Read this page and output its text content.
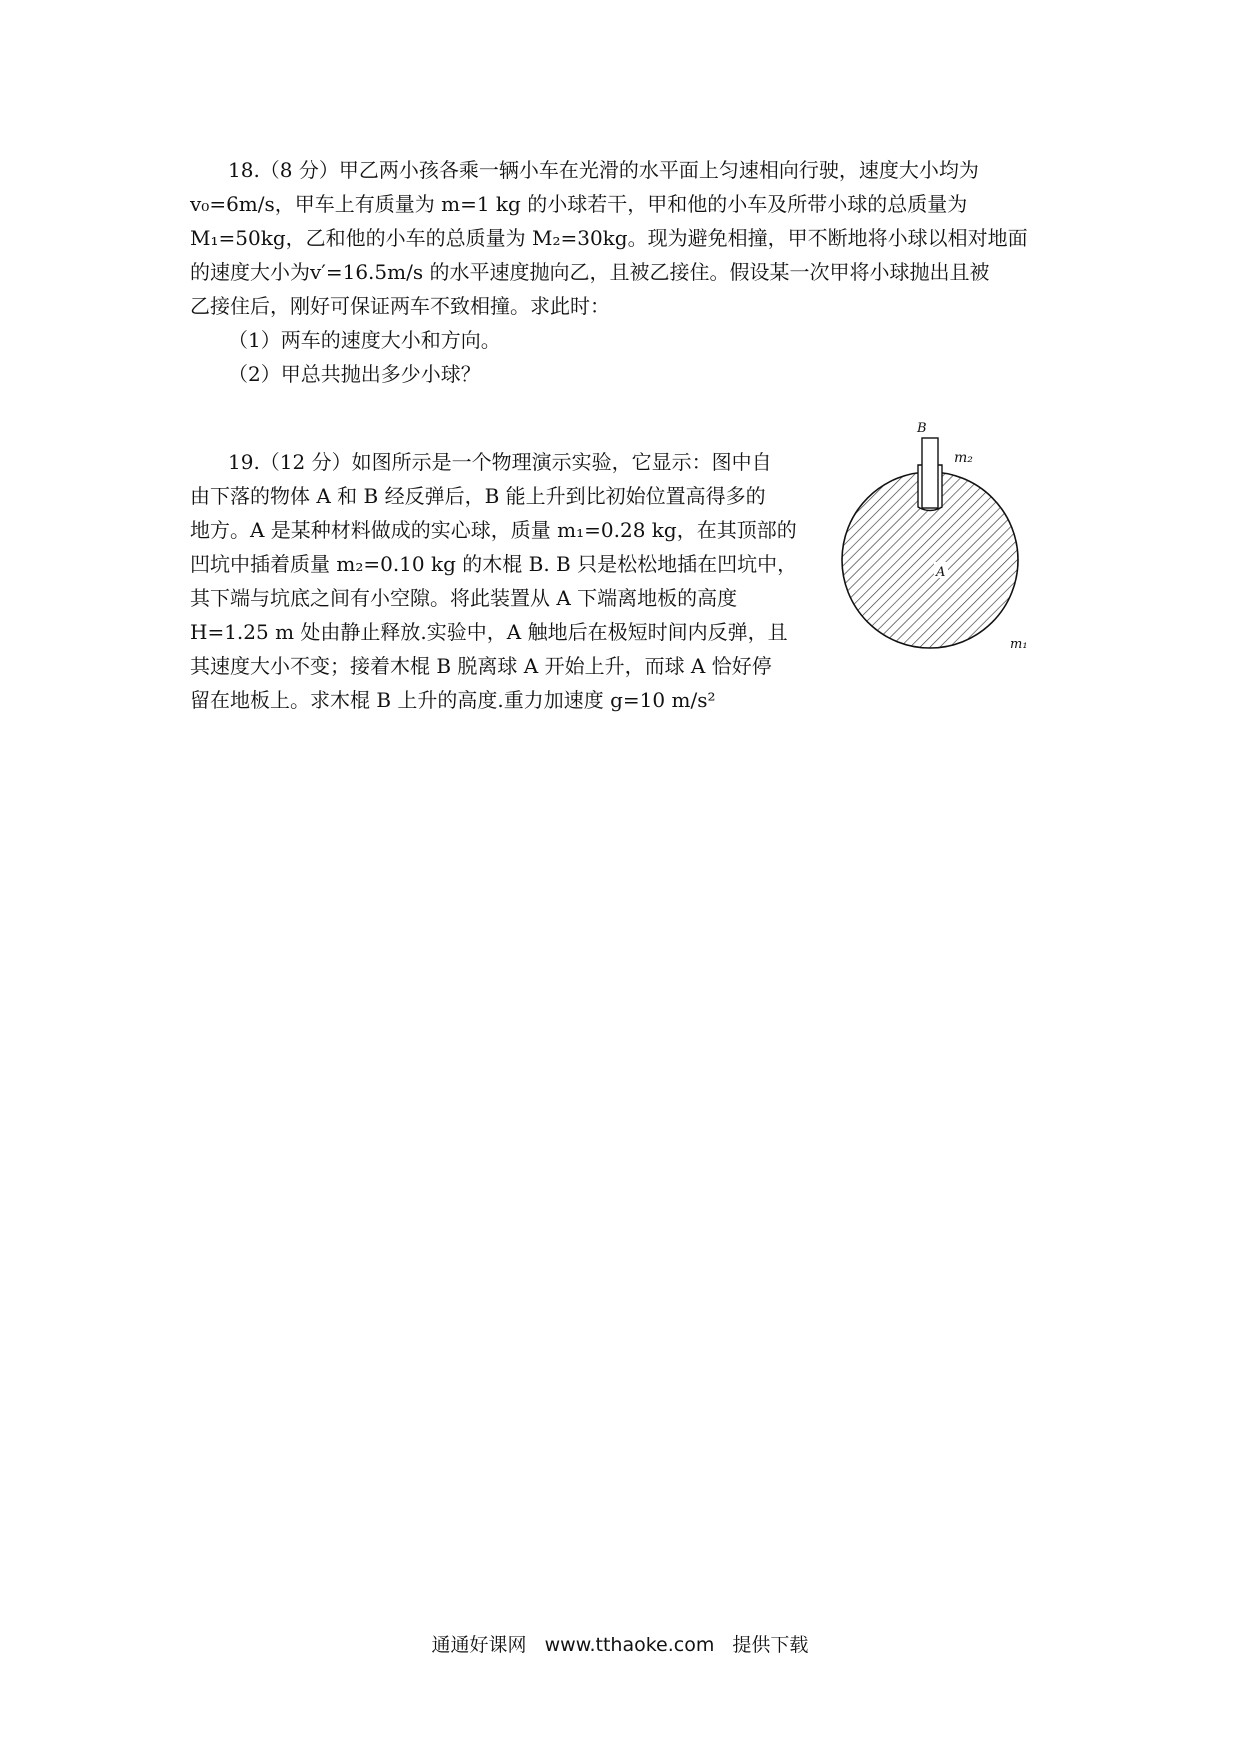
18.（8 分）甲乙两小孩各乘一辆小车在光滑的水平面上匀速相向行驶，速度大小均为
v₀=6m/s，甲车上有质量为 m=1 kg 的小球若干，甲和他的小车及所带小球的总质量为
M₁=50kg，乙和他的小车的总质量为 M₂=30kg。现为避免相撞，甲不断地将小球以相对地面
的速度大小为v′=16.5m/s 的水平速度抛向乙，且被乙接住。假设某一次甲将小球抛出且被
乙接住后，刚好可保证两车不致相撞。求此时：
（1）两车的速度大小和方向。
（2）甲总共抛出多少小球？
19.（12 分）如图所示是一个物理演示实验，它显示：图中自
由下落的物体 A 和 B 经反弹后，B 能上升到比初始位置高得多的
地方。A 是某种材料做成的实心球，质量 m₁=0.28 kg，在其顶部的
凹坑中插着质量 m₂=0.10 kg 的木棍 B. B 只是松松地插在凹坑中，
其下端与坑底之间有小空隙。将此装置从 A 下端离地板的高度
H=1.25 m 处由静止释放.实验中，A 触地后在极短时间内反弹，且
其速度大小不变；接着木棍 B 脱离球 A 开始上升，而球 A 恰好停
留在地板上。求木棍 B 上升的高度.重力加速度 g=10 m/s²
B
m₂
A
m₁
通通好课网 www.tthaoke.com 提供下载
